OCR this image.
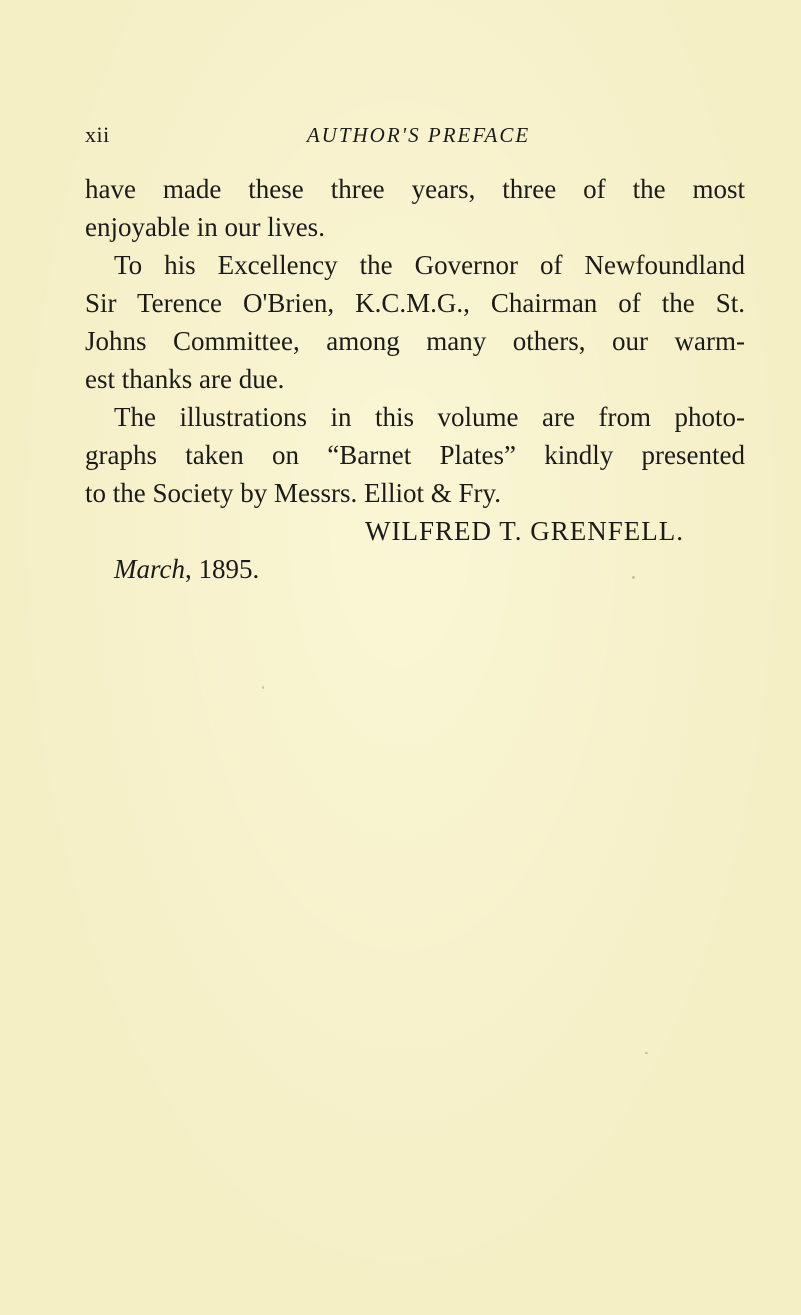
xii	AUTHOR'S PREFACE
have made these three years, three of the most
enjoyable in our lives.
To his Excellency the Governor of Newfoundland
Sir Terence O'Brien, K.C.M.G., Chairman of the St.
Johns Committee, among many others, our warm-
est thanks are due.
The illustrations in this volume are from photo-
graphs taken on “Barnet Plates” kindly presented
to the Society by Messrs. Elliot & Fry.
WILFRED T. GRENFELL.
March, 1895.
